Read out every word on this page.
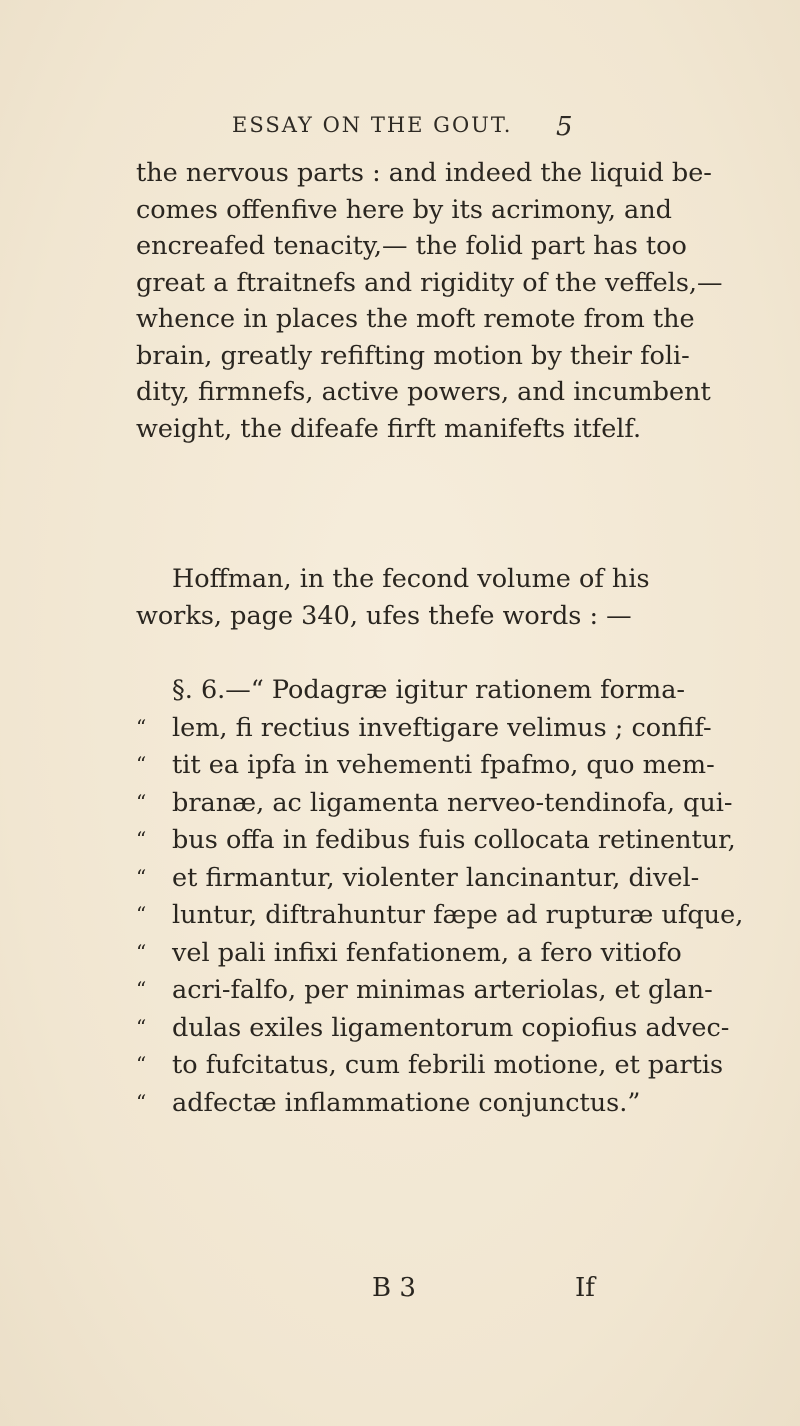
ESSAY ON THE GOUT. 5
the nervous parts : and indeed the liquid be-
comes offenfive here by its acrimony, and
encreafed tenacity,— the folid part has too
great a ftraitnefs and rigidity of the veffels,—
whence in places the moft remote from the
brain, greatly refifting motion by their foli-
dity, firmnefs, active powers, and incumbent
weight, the difeafe firft manifefts itfelf.
Hoffman, in the fecond volume of his
works, page 340, ufes thefe words : —
§. 6.—“ Podagræ igitur rationem forma-
“ lem, fi rectius inveftigare velimus ; confif-
“ tit ea ipfa in vehementi fpafmo, quo mem-
“ branæ, ac ligamenta nerveo-tendinofa, qui-
“ bus offa in fedibus fuis collocata retinentur,
“ et firmantur, violenter lancinantur, divel-
“ luntur, diftrahuntur fæpe ad rupturæ ufque,
“ vel pali infixi fenfationem, a fero vitiofo
“ acri-falfo, per minimas arteriolas, et glan-
“ dulas exiles ligamentorum copiofius advec-
“ to fufcitatus, cum febrili motione, et partis
“ adfectæ inflammatione conjunctus.”
B 3	If
